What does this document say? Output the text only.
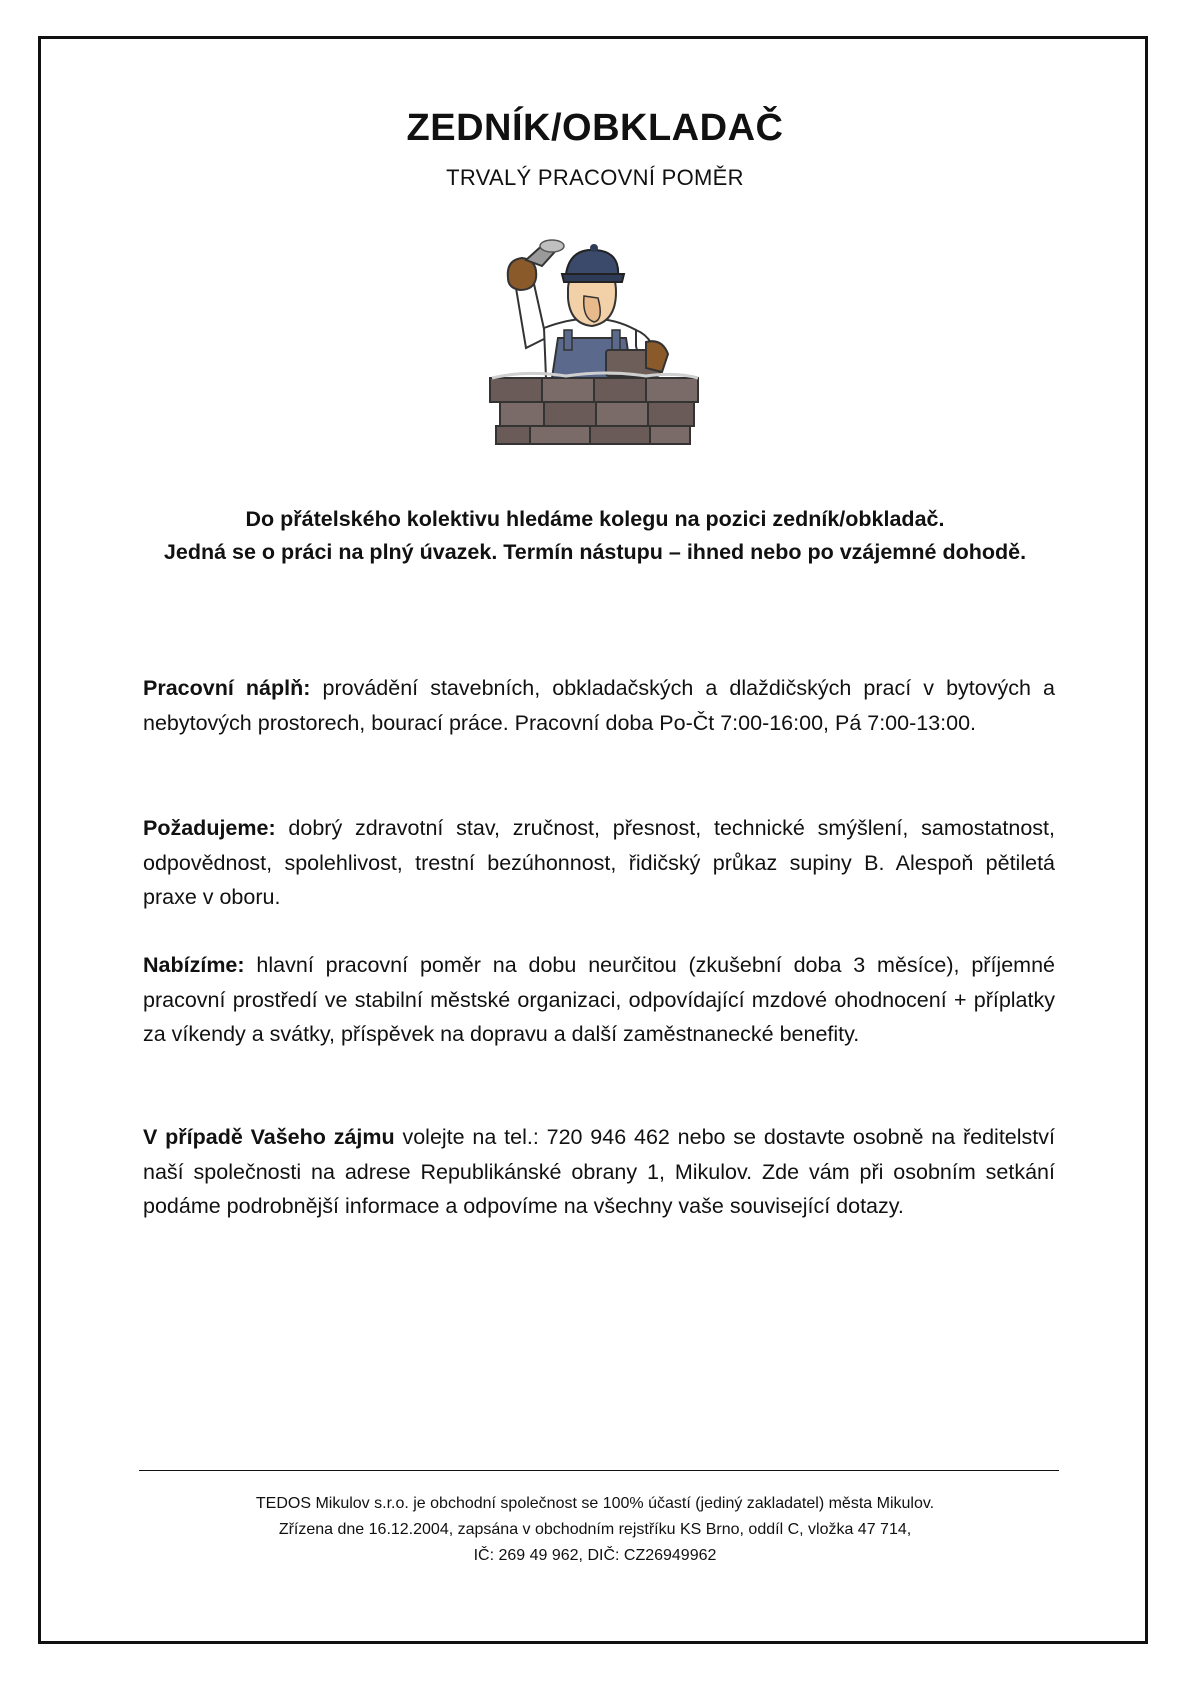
ZEDNÍK/OBKLADAČ
TRVALÝ PRACOVNÍ POMĚR
Do přátelského kolektivu hledáme kolegu na pozici zedník/obkladač.
Jedná se o práci na plný úvazek. Termín nástupu – ihned nebo po vzájemné dohodě.
Pracovní náplň: provádění stavebních, obkladačských a dlaždičských prací v bytových a nebytových prostorech, bourací práce. Pracovní doba Po-Čt 7:00-16:00, Pá 7:00-13:00.
Požadujeme: dobrý zdravotní stav, zručnost, přesnost, technické smýšlení, samostatnost, odpovědnost, spolehlivost, trestní bezúhonnost, řidičský průkaz supiny B. Alespoň pětiletá praxe v oboru.
Nabízíme: hlavní pracovní poměr na dobu neurčitou (zkušební doba 3 měsíce), příjemné pracovní prostředí ve stabilní městské organizaci, odpovídající mzdové ohodnocení + příplatky za víkendy a svátky, příspěvek na dopravu a další zaměstnanecké benefity.
V případě Vašeho zájmu volejte na tel.: 720 946 462 nebo se dostavte osobně na ředitelství naší společnosti na adrese Republikánské obrany 1, Mikulov. Zde vám při osobním setkání podáme podrobnější informace a odpovíme na všechny vaše související dotazy.
TEDOS Mikulov s.r.o. je obchodní společnost se 100% účastí (jediný zakladatel) města Mikulov.
Zřízena dne 16.12.2004, zapsána v obchodním rejstříku KS Brno, oddíl C, vložka 47 714,
IČ: 269 49 962, DIČ: CZ26949962
